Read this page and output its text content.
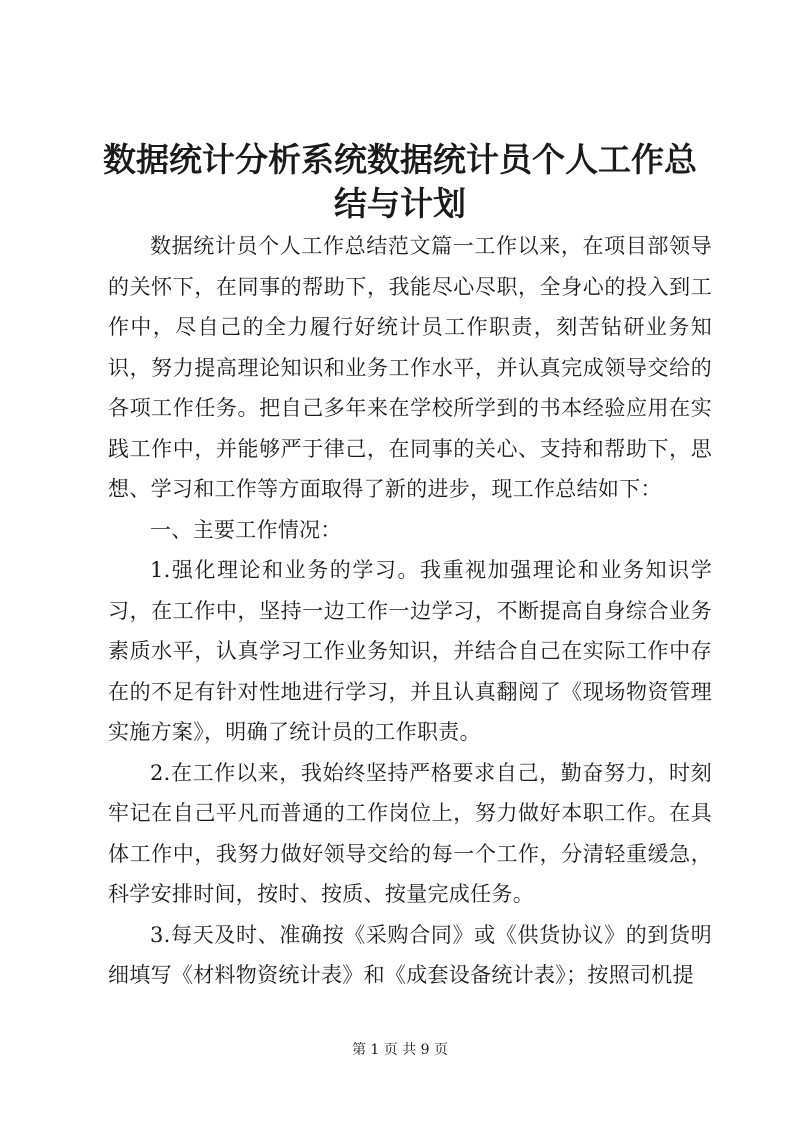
数据统计分析系统数据统计员个人工作总结与计划

数据统计员个人工作总结范文篇一工作以来，在项目部领导的关怀下，在同事的帮助下，我能尽心尽职，全身心的投入到工作中，尽自己的全力履行好统计员工作职责，刻苦钻研业务知识，努力提高理论知识和业务工作水平，并认真完成领导交给的各项工作任务。把自己多年来在学校所学到的书本经验应用在实践工作中，并能够严于律己，在同事的关心、支持和帮助下，思想、学习和工作等方面取得了新的进步，现工作总结如下：

一、主要工作情况：

1.强化理论和业务的学习。我重视加强理论和业务知识学习，在工作中，坚持一边工作一边学习，不断提高自身综合业务素质水平，认真学习工作业务知识，并结合自己在实际工作中存在的不足有针对性地进行学习，并且认真翻阅了《现场物资管理实施方案》，明确了统计员的工作职责。

2.在工作以来，我始终坚持严格要求自己，勤奋努力，时刻牢记在自己平凡而普通的工作岗位上，努力做好本职工作。在具体工作中，我努力做好领导交给的每一个工作，分清轻重缓急，科学安排时间，按时、按质、按量完成任务。

3.每天及时、准确按《采购合同》或《供货协议》的到货明细填写《材料物资统计表》和《成套设备统计表》；按照司机提

第 1 页 共 9 页
